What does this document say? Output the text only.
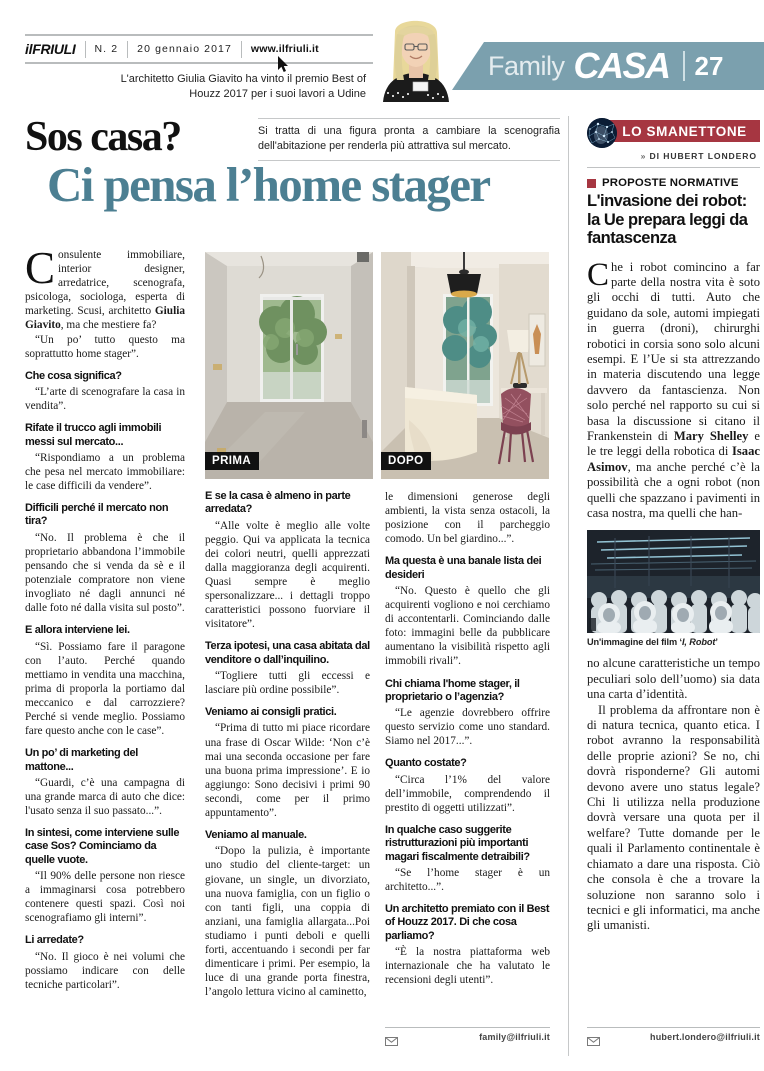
ilFRIULI	N. 2	20 gennaio 2017	www.ilfriuli.it
Family CASA 27
L'architetto Giulia Giavito ha vinto il premio Best of Houzz 2017 per i suoi lavori a Udine
Sos casa?	Si tratta di una figura pronta a cambiare la scenografia dell'abitazione per renderla più attrattiva sul mercato.
Ci pensa l’home stager
PRIMA	DOPO

Consulente immobiliare, interior designer, arredatrice, scenografa, psicologa, sociologa, esperta di marketing. Scusi, architetto Giulia Giavito, ma che mestiere fa?

“Un po’ tutto questo ma soprattutto home stager”.

Che cosa significa?

“L’arte di scenografare la casa in vendita”.

Rifate il trucco agli immobili messi sul mercato...

“Rispondiamo a un problema che pesa nel mercato immobiliare: le case difficili da vendere”.

Difficili perché il mercato non tira?

“No. Il problema è che il proprietario abbandona l’immobile pensando che si venda da sè e il potenziale compratore non viene invogliato né dagli annunci né dalle foto né dalla visita sul posto”.

E allora interviene lei.

“Sì. Possiamo fare il paragone con l’auto. Perché quando mettiamo in vendita una macchina, prima di proporla la portiamo dal meccanico e dal carrozziere? Perché si vende meglio. Possiamo fare questo anche con le case”.

Un po’ di marketing del mattone...

“Guardi, c’è una campagna di una grande marca di auto che dice: l'usato senza il suo passato...”.

In sintesi, come interviene sulle case Sos? Cominciamo da quelle vuote.

“Il 90% delle persone non riesce a immaginarsi cosa potrebbero contenere questi spazi. Così noi scenografiamo gli interni”.

Li arredate?

“No. Il gioco è nei volumi che possiamo indicare con delle tecniche particolari”.

E se la casa è almeno in parte arredata?

“Alle volte è meglio alle volte peggio. Qui va applicata la tecnica dei colori neutri, quelli apprezzati dalla maggioranza degli acquirenti. Quasi sempre è meglio spersonalizzare... i dettagli troppo caratteristici possono fuorviare il visitatore”.

Terza ipotesi, una casa abitata dal venditore o dall’inquilino.

“Togliere tutti gli eccessi e lasciare più ordine possibile”.

Veniamo ai consigli pratici.

“Prima di tutto mi piace ricordare una frase di Oscar Wilde: ‘Non c’è mai una seconda occasione per fare una buona prima impressione’. E io aggiungo: Sono decisivi i primi 90 secondi, come per il primo appuntamento”.

Veniamo al manuale.

“Dopo la pulizia, è importante uno studio del cliente-target: un giovane, un single, un divorziato, una nuova famiglia, con un figlio o con tanti figli, una coppia di anziani, una famiglia allargata...Poi studiamo i punti deboli e quelli forti, accentuando i secondi per far dimenticare i primi. Per esempio, la luce di una grande porta finestra, l’angolo lettura vicino al caminetto,

le dimensioni generose degli ambienti, la vista senza ostacoli, la posizione con il parcheggio comodo. Un bel giardino...”.

Ma questa è una banale lista dei desideri

“No. Questo è quello che gli acquirenti vogliono e noi cerchiamo di accontentarli. Cominciando dalle foto: immagini belle da pubblicare aumentano la visibilità rispetto agli immobili rivali”.

Chi chiama l'home stager, il proprietario o l’agenzia?

“Le agenzie dovrebbero offrire questo servizio come uno standard. Siamo nel 2017...”.

Quanto costate?

“Circa l’1% del valore dell’immobile, comprendendo il prestito di oggetti utilizzati”.

In qualche caso suggerite ristrutturazioni più importanti magari fiscalmente detraibili?

“Se l’home stager è un architetto...”.

Un architetto premiato con il Best of Houzz 2017. Di che cosa parliamo?

“È la nostra piattaforma web internazionale che ha valutato le recensioni degli utenti”.

family@ilfriuli.it
LO SMANETTONE
» DI HUBERT LONDERO
PROPOSTE NORMATIVE
L'invasione dei robot: la Ue prepara leggi da fantascenza

Che i robot comincino a far parte della nostra vita è soto gli occhi di tutti. Auto che guidano da sole, automi impiegati in guerra (droni), chirurghi robotici in corsia sono solo alcuni esempi. E l’Ue si sta attrezzando in materia discutendo una legge davvero da fantascienza. Non solo perché nel rapporto su cui si basa la discussione si citano il Frankenstein di Mary Shelley e le tre leggi della robotica di Isaac Asimov, ma anche perché c’è la possibilità che a ogni robot (non quelli che spazzano i pavimenti in casa nostra, ma quelli che han-

Un'immagine del film ‘I, Robot’

no alcune caratteristiche un tempo peculiari solo dell’uomo) sia data una carta d’identità.

Il problema da affrontare non è di natura tecnica, quanto etica. I robot avranno la responsabilità delle proprie azioni? Se no, chi dovrà risponderne? Gli automi devono avere uno status legale? Chi li utilizza nella produzione dovrà versare una quota per il welfare? Tutte domande per le quali il Parlamento continentale è chiamato a dare una risposta. Ciò che consola è che a trovare la soluzione non saranno solo i tecnici e gli informatici, ma anche gli umanisti.

hubert.londero@ilfriuli.it
